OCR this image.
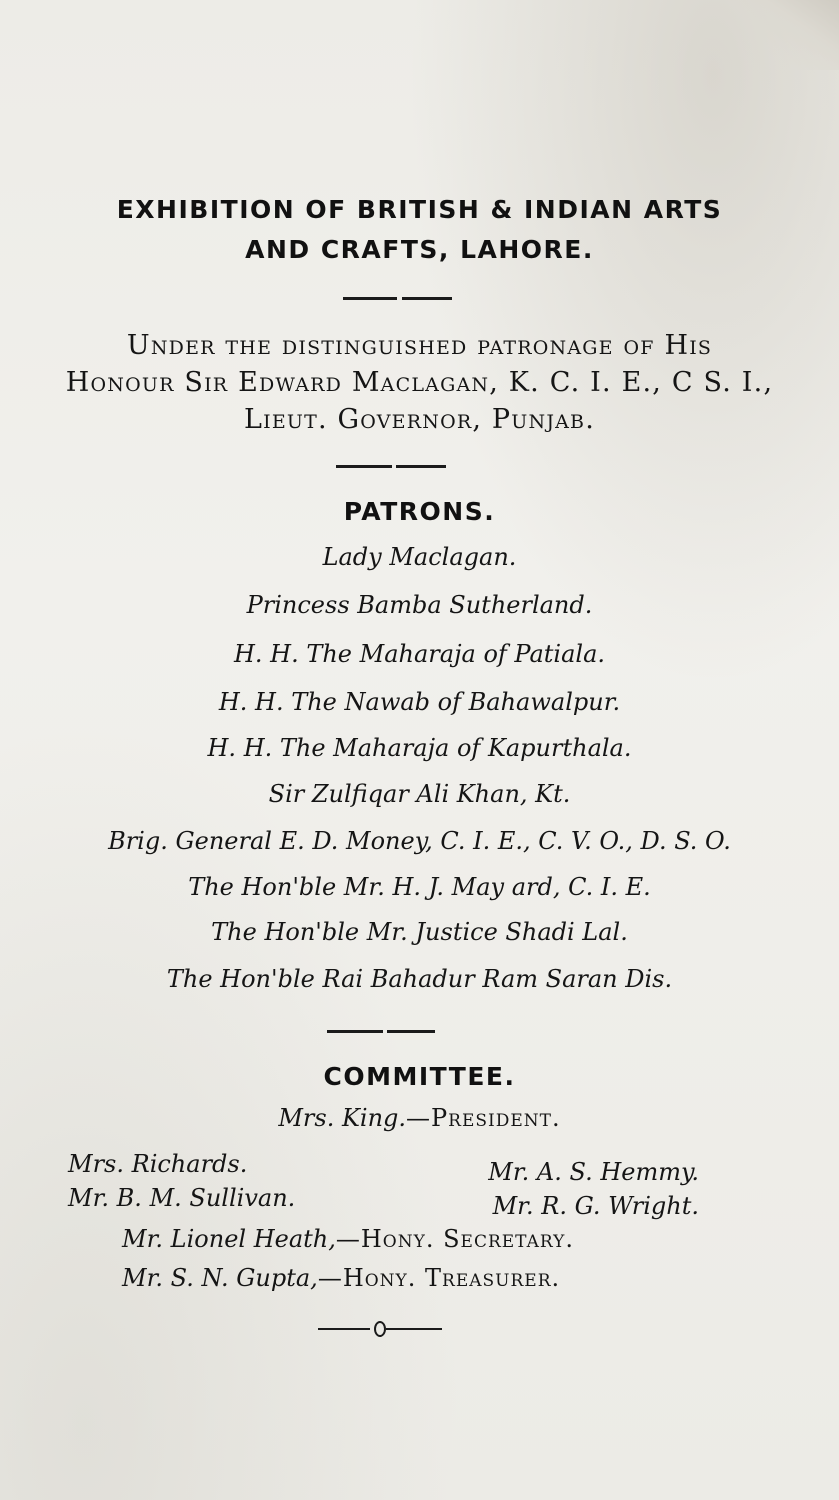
EXHIBITION OF BRITISH & INDIAN ARTS
AND CRAFTS, LAHORE.
Under the distinguished patronage of His
Honour Sir Edward Maclagan, K. C. I. E., C S. I.,
Lieut. Governor, Punjab.
PATRONS.
Lady Maclagan.
Princess Bamba Sutherland.
H. H. The Maharaja of Patiala.
H. H. The Nawab of Bahawalpur.
H. H. The Maharaja of Kapurthala.
Sir Zulfiqar Ali Khan, Kt.
Brig. General E. D. Money, C. I. E., C. V. O., D. S. O.
The Hon'ble Mr. H. J. May ard, C. I. E.
The Hon'ble Mr. Justice Shadi Lal.
The Hon'ble Rai Bahadur Ram Saran Dis.
COMMITTEE.
Mrs. King.—President.
Mrs. Richards.
Mr. B. M. Sullivan.
Mr. A. S. Hemmy.
Mr. R. G. Wright.
Mr. Lionel Heath,—Hony. Secretary.
Mr. S. N. Gupta,—Hony. Treasurer.
